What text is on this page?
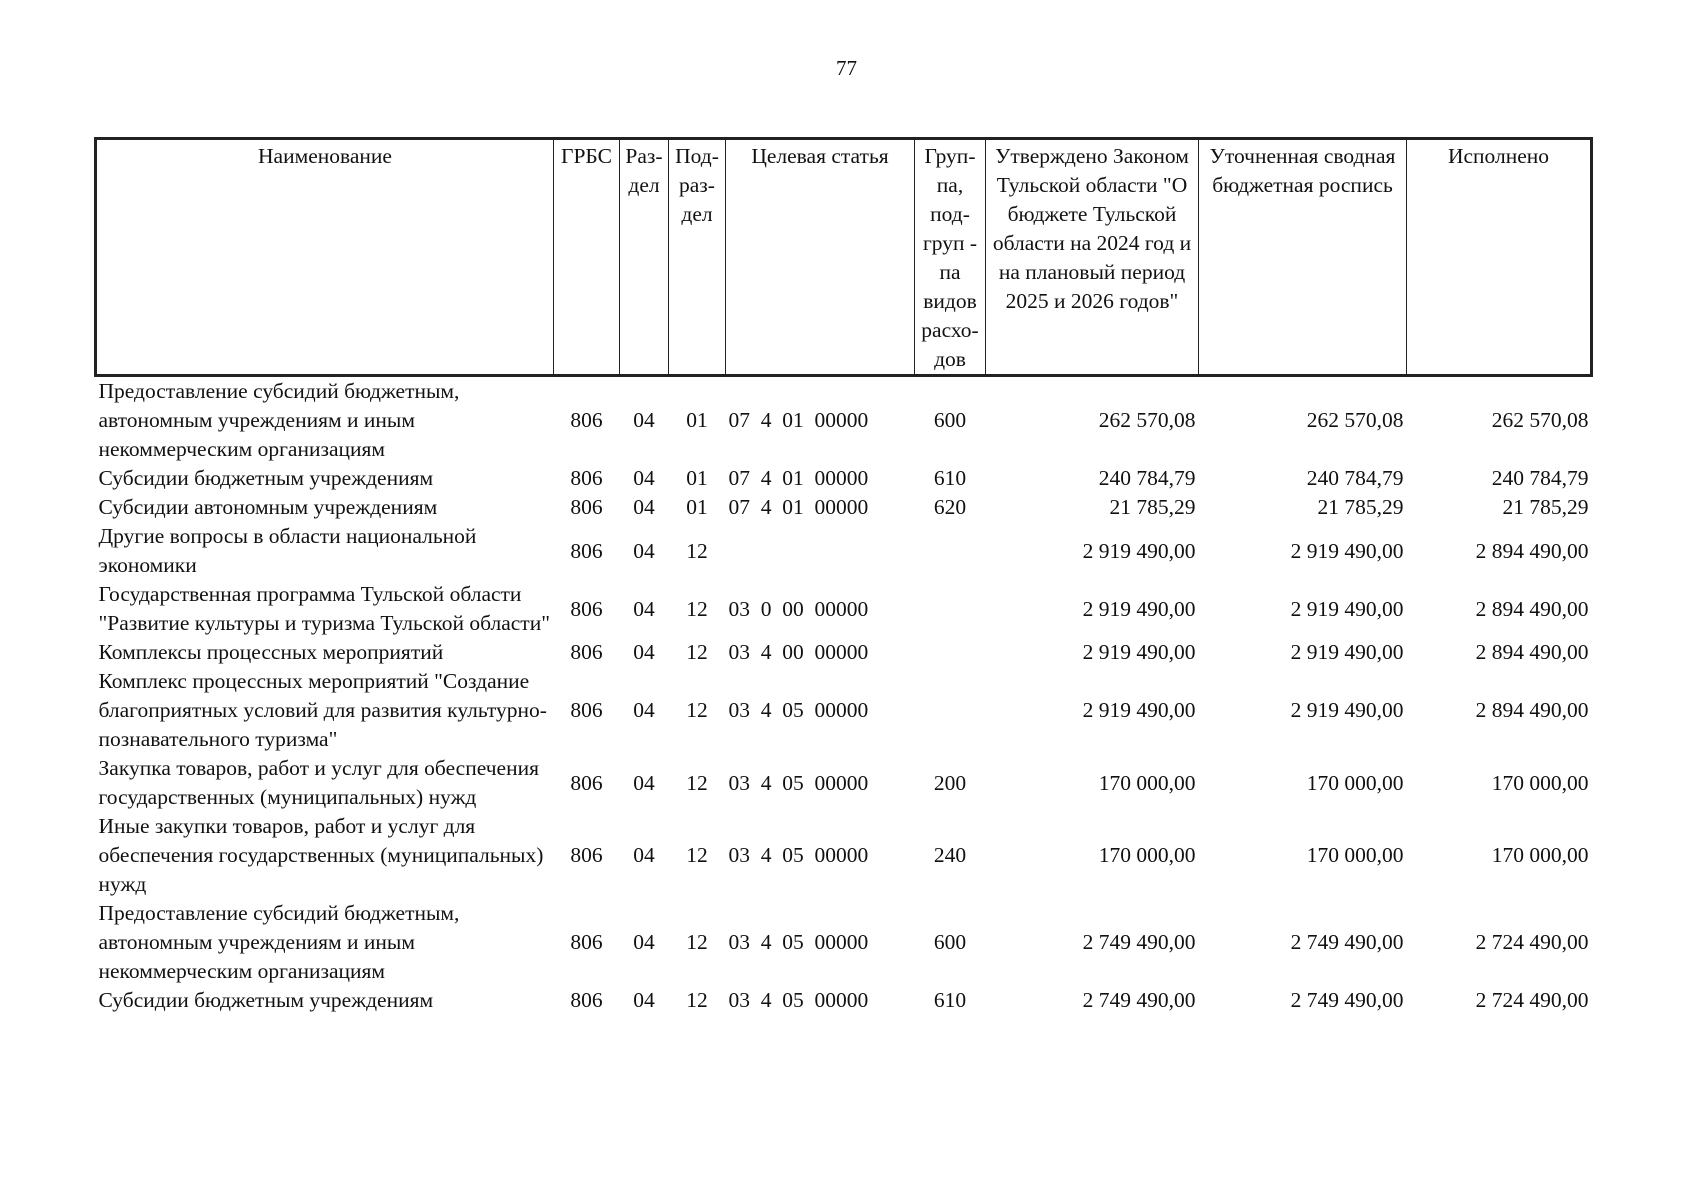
77
Наименование	ГРБС	Раз-дел	Под-раз-дел	Целевая статья	Груп-па, под-груп - па видов расхо-дов	Утверждено Законом Тульской области "О бюджете Тульской области на 2024 год и на плановый период 2025 и 2026 годов"	Уточненная сводная бюджетная роспись	Исполнено
Предоставление субсидий бюджетным, автономным учреждениям и иным некоммерческим организациям	806	04	01	07  4  01  00000	600	262 570,08	262 570,08	262 570,08
Субсидии бюджетным учреждениям	806	04	01	07  4  01  00000	610	240 784,79	240 784,79	240 784,79
Субсидии автономным учреждениям	806	04	01	07  4  01  00000	620	21 785,29	21 785,29	21 785,29
Другие вопросы в области национальной экономики	806	04	12			2 919 490,00	2 919 490,00	2 894 490,00
Государственная программа Тульской области "Развитие культуры и туризма Тульской области"	806	04	12	03  0  00  00000		2 919 490,00	2 919 490,00	2 894 490,00
Комплексы процессных мероприятий	806	04	12	03  4  00  00000		2 919 490,00	2 919 490,00	2 894 490,00
Комплекс процессных мероприятий "Создание благоприятных условий для развития культурно-познавательного туризма"	806	04	12	03  4  05  00000		2 919 490,00	2 919 490,00	2 894 490,00
Закупка товаров, работ и услуг для обеспечения государственных (муниципальных) нужд	806	04	12	03  4  05  00000	200	170 000,00	170 000,00	170 000,00
Иные закупки товаров, работ и услуг для обеспечения государственных (муниципальных) нужд	806	04	12	03  4  05  00000	240	170 000,00	170 000,00	170 000,00
Предоставление субсидий бюджетным, автономным учреждениям и иным некоммерческим организациям	806	04	12	03  4  05  00000	600	2 749 490,00	2 749 490,00	2 724 490,00
Субсидии бюджетным учреждениям	806	04	12	03  4  05  00000	610	2 749 490,00	2 749 490,00	2 724 490,00
